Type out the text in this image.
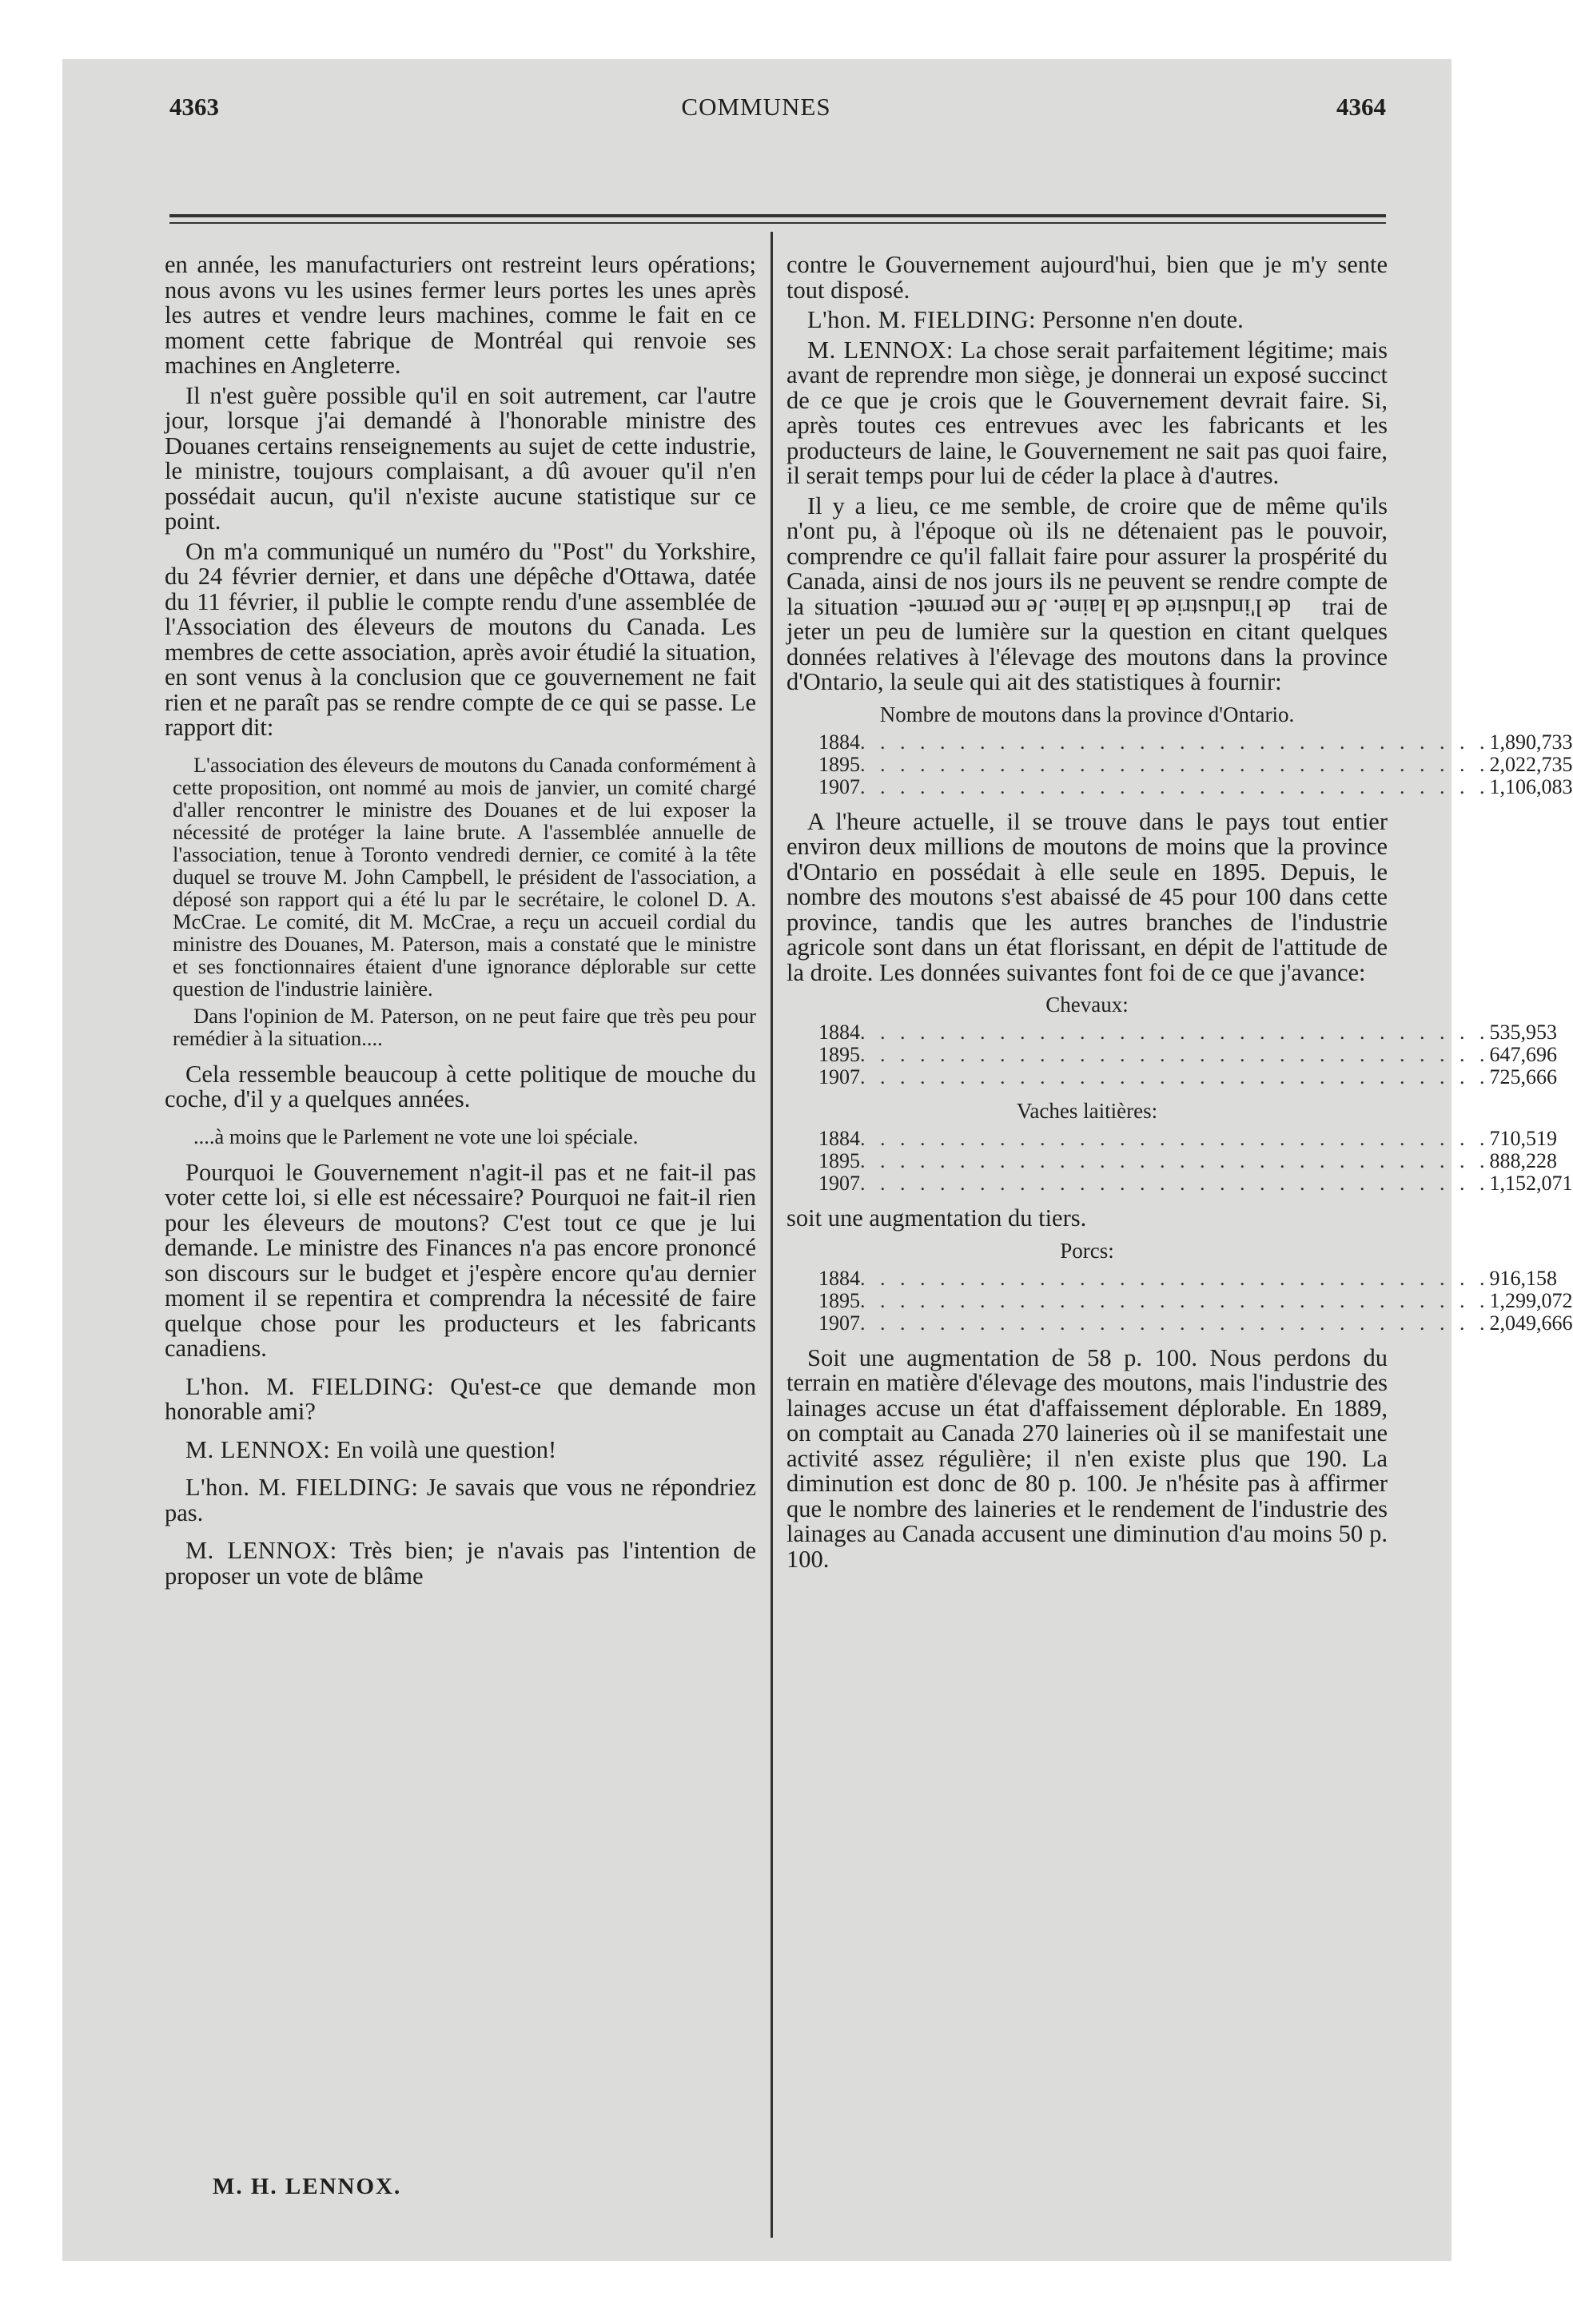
4363	COMMUNES	4364

en année, les manufacturiers ont restreint leurs opérations; nous avons vu les usines fermer leurs portes les unes après les autres et vendre leurs machines, comme le fait en ce moment cette fabrique de Montréal qui renvoie ses machines en Angleterre.

Il n'est guère possible qu'il en soit autrement, car l'autre jour, lorsque j'ai demandé à l'honorable ministre des Douanes certains renseignements au sujet de cette industrie, le ministre, toujours complaisant, a dû avouer qu'il n'en possédait aucun, qu'il n'existe aucune statistique sur ce point.

On m'a communiqué un numéro du "Post" du Yorkshire, du 24 février dernier, et dans une dépêche d'Ottawa, datée du 11 février, il publie le compte rendu d'une assemblée de l'Association des éleveurs de moutons du Canada. Les membres de cette association, après avoir étudié la situation, en sont venus à la conclusion que ce gouvernement ne fait rien et ne paraît pas se rendre compte de ce qui se passe. Le rapport dit:

L'association des éleveurs de moutons du Canada conformément à cette proposition, ont nommé au mois de janvier, un comité chargé d'aller rencontrer le ministre des Douanes et de lui exposer la nécessité de protéger la laine brute. A l'assemblée annuelle de l'association, tenue à Toronto vendredi dernier, ce comité à la tête duquel se trouve M. John Campbell, le président de l'association, a déposé son rapport qui a été lu par le secrétaire, le colonel D. A. McCrae. Le comité, dit M. McCrae, a reçu un accueil cordial du ministre des Douanes, M. Paterson, mais a constaté que le ministre et ses fonctionnaires étaient d'une ignorance déplorable sur cette question de l'industrie lainière.

Dans l'opinion de M. Paterson, on ne peut faire que très peu pour remédier à la situation....

Cela ressemble beaucoup à cette politique de mouche du coche, d'il y a quelques années.

....à moins que le Parlement ne vote une loi spéciale.

Pourquoi le Gouvernement n'agit-il pas et ne fait-il pas voter cette loi, si elle est nécessaire? Pourquoi ne fait-il rien pour les éleveurs de moutons? C'est tout ce que je lui demande. Le ministre des Finances n'a pas encore prononcé son discours sur le budget et j'espère encore qu'au dernier moment il se repentira et comprendra la nécessité de faire quelque chose pour les producteurs et les fabricants canadiens.

L'hon. M. FIELDING: Qu'est-ce que demande mon honorable ami?

M. LENNOX: En voilà une question!

L'hon. M. FIELDING: Je savais que vous ne répondriez pas.

M. LENNOX: Très bien; je n'avais pas l'intention de proposer un vote de blâme

M. H. LENNOX.

contre le Gouvernement aujourd'hui, bien que je m'y sente tout disposé.

L'hon. M. FIELDING: Personne n'en doute.

M. LENNOX: La chose serait parfaitement légitime; mais avant de reprendre mon siège, je donnerai un exposé succinct de ce que je crois que le Gouvernement devrait faire. Si, après toutes ces entrevues avec les fabricants et les producteurs de laine, le Gouvernement ne sait pas quoi faire, il serait temps pour lui de céder la place à d'autres.

Il y a lieu, ce me semble, de croire que de même qu'ils n'ont pu, à l'époque où ils ne détenaient pas le pouvoir, comprendre ce qu'il fallait faire pour assurer la prospérité du Canada, ainsi de nos jours ils ne peuvent se rendre compte de la situation de l'industrie de la laine. Je me permet- trai de jeter un peu de lumière sur la question en citant quelques données relatives à l'élevage des moutons dans la province d'Ontario, la seule qui ait des statistiques à fournir:

Nombre de moutons dans la province d'Ontario.
1884 . . . . . . . . . . . . . . . . . . . . . . . . . . . . . . . . 1,890,733
1895 . . . . . . . . . . . . . . . . . . . . . . . . . . . . . . . . 2,022,735
1907 . . . . . . . . . . . . . . . . . . . . . . . . . . . . . . . . 1,106,083

A l'heure actuelle, il se trouve dans le pays tout entier environ deux millions de moutons de moins que la province d'Ontario en possédait à elle seule en 1895. Depuis, le nombre des moutons s'est abaissé de 45 pour 100 dans cette province, tandis que les autres branches de l'industrie agricole sont dans un état florissant, en dépit de l'attitude de la droite. Les données suivantes font foi de ce que j'avance:

Chevaux:
1884 . . . . . . . . . . . . . . . . . . . . . . . . . . . . . . . . 535,953
1895 . . . . . . . . . . . . . . . . . . . . . . . . . . . . . . . . 647,696
1907 . . . . . . . . . . . . . . . . . . . . . . . . . . . . . . . . 725,666
Vaches laitières:
1884 . . . . . . . . . . . . . . . . . . . . . . . . . . . . . . . . 710,519
1895 . . . . . . . . . . . . . . . . . . . . . . . . . . . . . . . . 888,228
1907 . . . . . . . . . . . . . . . . . . . . . . . . . . . . . . . . 1,152,071

soit une augmentation du tiers.

Porcs:
1884 . . . . . . . . . . . . . . . . . . . . . . . . . . . . . . . . 916,158
1895 . . . . . . . . . . . . . . . . . . . . . . . . . . . . . . . . 1,299,072
1907 . . . . . . . . . . . . . . . . . . . . . . . . . . . . . . . . 2,049,666

Soit une augmentation de 58 p. 100. Nous perdons du terrain en matière d'élevage des moutons, mais l'industrie des lainages accuse un état d'affaissement déplorable. En 1889, on comptait au Canada 270 laineries où il se manifestait une activité assez régulière; il n'en existe plus que 190. La diminution est donc de 80 p. 100. Je n'hésite pas à affirmer que le nombre des laineries et le rendement de l'industrie des lainages au Canada accusent une diminution d'au moins 50 p. 100.
